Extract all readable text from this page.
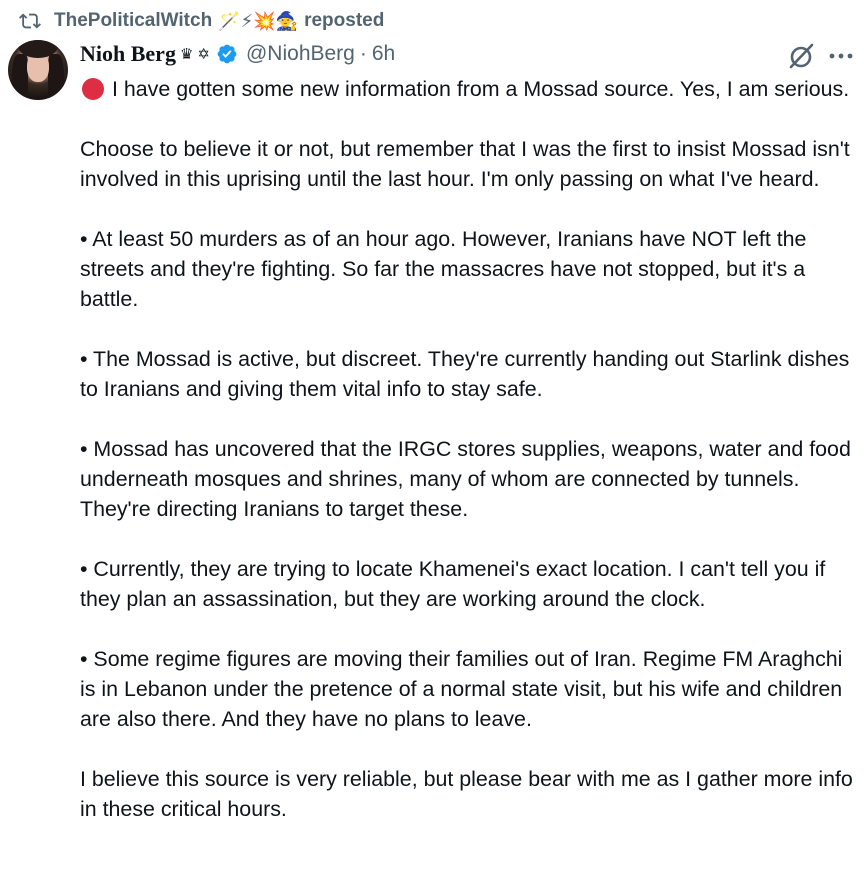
ThePoliticalWitch 🪄 ⚡ 💥 🧙 reposted
Nioh Berg ♛ ✡ @NiohBerg · 6h

I have gotten some new information from a Mossad source. Yes, I am serious.

Choose to believe it or not, but remember that I was the first to insist Mossad isn't involved in this uprising until the last hour. I'm only passing on what I've heard.

• At least 50 murders as of an hour ago. However, Iranians have NOT left the streets and they're fighting. So far the massacres have not stopped, but it's a battle.

• The Mossad is active, but discreet. They're currently handing out Starlink dishes to Iranians and giving them vital info to stay safe.

• Mossad has uncovered that the IRGC stores supplies, weapons, water and food underneath mosques and shrines, many of whom are connected by tunnels. They're directing Iranians to target these.

• Currently, they are trying to locate Khamenei's exact location. I can't tell you if they plan an assassination, but they are working around the clock.

• Some regime figures are moving their families out of Iran. Regime FM Araghchi is in Lebanon under the pretence of a normal state visit, but his wife and children are also there. And they have no plans to leave.

I believe this source is very reliable, but please bear with me as I gather more info in these critical hours.
